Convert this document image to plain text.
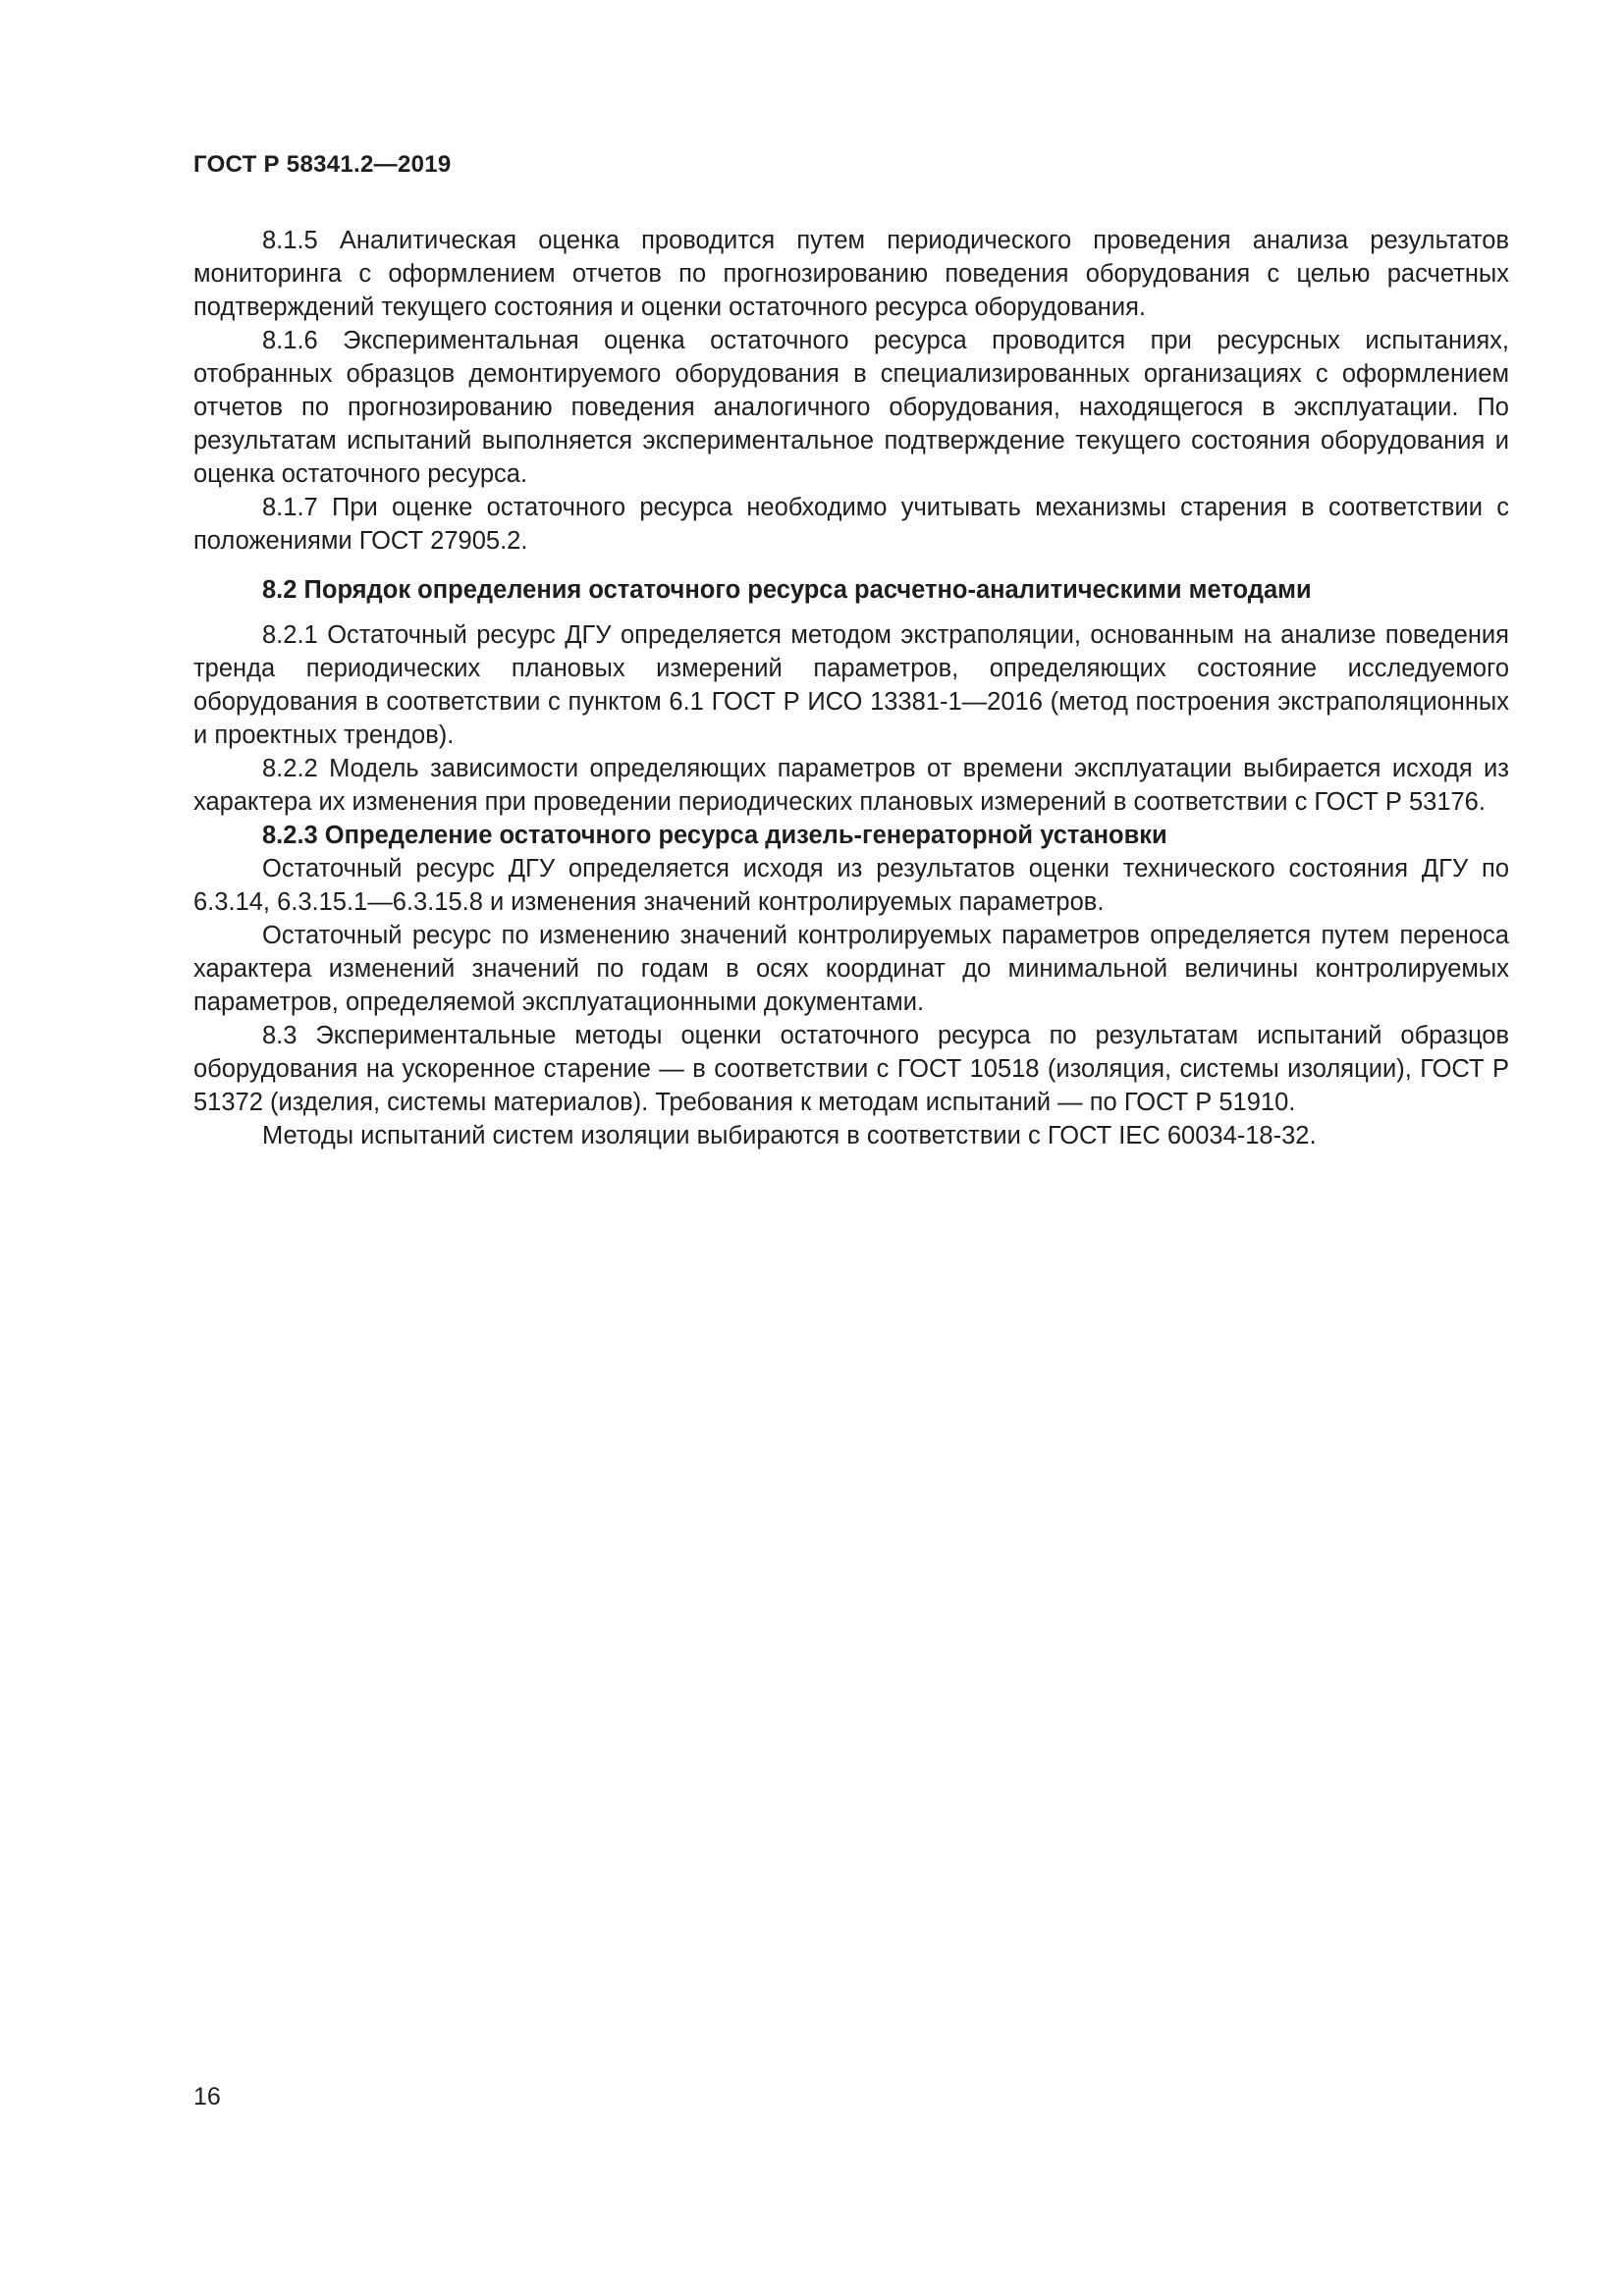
ГОСТ Р 58341.2—2019

8.1.5 Аналитическая оценка проводится путем периодического проведения анализа результатов мониторинга с оформлением отчетов по прогнозированию поведения оборудования с целью расчетных подтверждений текущего состояния и оценки остаточного ресурса оборудования.

8.1.6 Экспериментальная оценка остаточного ресурса проводится при ресурсных испытаниях, отобранных образцов демонтируемого оборудования в специализированных организациях с оформлением отчетов по прогнозированию поведения аналогичного оборудования, находящегося в эксплуатации. По результатам испытаний выполняется экспериментальное подтверждение текущего состояния оборудования и оценка остаточного ресурса.

8.1.7 При оценке остаточного ресурса необходимо учитывать механизмы старения в соответствии с положениями ГОСТ 27905.2.

8.2 Порядок определения остаточного ресурса расчетно-аналитическими методами

8.2.1 Остаточный ресурс ДГУ определяется методом экстраполяции, основанным на анализе поведения тренда периодических плановых измерений параметров, определяющих состояние исследуемого оборудования в соответствии с пунктом 6.1 ГОСТ Р ИСО 13381-1—2016 (метод построения экстраполяционных и проектных трендов).

8.2.2 Модель зависимости определяющих параметров от времени эксплуатации выбирается исходя из характера их изменения при проведении периодических плановых измерений в соответствии с ГОСТ Р 53176.

8.2.3 Определение остаточного ресурса дизель-генераторной установки

Остаточный ресурс ДГУ определяется исходя из результатов оценки технического состояния ДГУ по 6.3.14, 6.3.15.1—6.3.15.8 и изменения значений контролируемых параметров.

Остаточный ресурс по изменению значений контролируемых параметров определяется путем переноса характера изменений значений по годам в осях координат до минимальной величины контролируемых параметров, определяемой эксплуатационными документами.

8.3 Экспериментальные методы оценки остаточного ресурса по результатам испытаний образцов оборудования на ускоренное старение — в соответствии с ГОСТ 10518 (изоляция, системы изоляции), ГОСТ Р 51372 (изделия, системы материалов). Требования к методам испытаний — по ГОСТ Р 51910.

Методы испытаний систем изоляции выбираются в соответствии с ГОСТ IEC 60034-18-32.

16
